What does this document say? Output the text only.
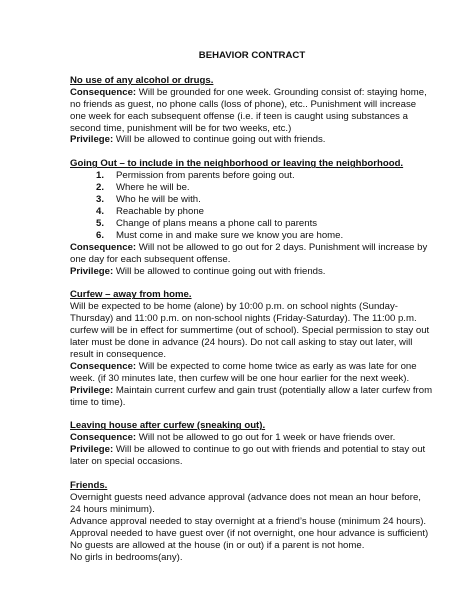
BEHAVIOR CONTRACT
No use of any alcohol or drugs.

Consequence: Will be grounded for one week. Grounding consist of: staying home, no friends as guest, no phone calls (loss of phone), etc.. Punishment will increase one week for each subsequent offense (i.e. if teen is caught using substances a second time, punishment will be for two weeks, etc.)

Privilege: Will be allowed to continue going out with friends.

Going Out – to include in the neighborhood or leaving the neighborhood.
1. Permission from parents before going out.
2. Where he will be.
3. Who he will be with.
4. Reachable by phone
5. Change of plans means a phone call to parents
6. Must come in and make sure we know you are home.

Consequence: Will not be allowed to go out for 2 days. Punishment will increase by one day for each subsequent offense.

Privilege: Will be allowed to continue going out with friends.

Curfew – away from home.

Will be expected to be home (alone) by 10:00 p.m. on school nights (Sunday-Thursday) and 11:00 p.m. on non-school nights (Friday-Saturday). The 11:00 p.m. curfew will be in effect for summertime (out of school). Special permission to stay out later must be done in advance (24 hours). Do not call asking to stay out later, will result in consequence.

Consequence: Will be expected to come home twice as early as was late for one week. (if 30 minutes late, then curfew will be one hour earlier for the next week).

Privilege: Maintain current curfew and gain trust (potentially allow a later curfew from time to time).

Leaving house after curfew (sneaking out).

Consequence: Will not be allowed to go out for 1 week or have friends over.

Privilege: Will be allowed to continue to go out with friends and potential to stay out later on special occasions.

Friends.

Overnight guests need advance approval (advance does not mean an hour before, 24 hours minimum).

Advance approval needed to stay overnight at a friend’s house (minimum 24 hours).

Approval needed to have guest over (if not overnight, one hour advance is sufficient)

No guests are allowed at the house (in or out) if a parent is not home.

No girls in bedrooms(any).
